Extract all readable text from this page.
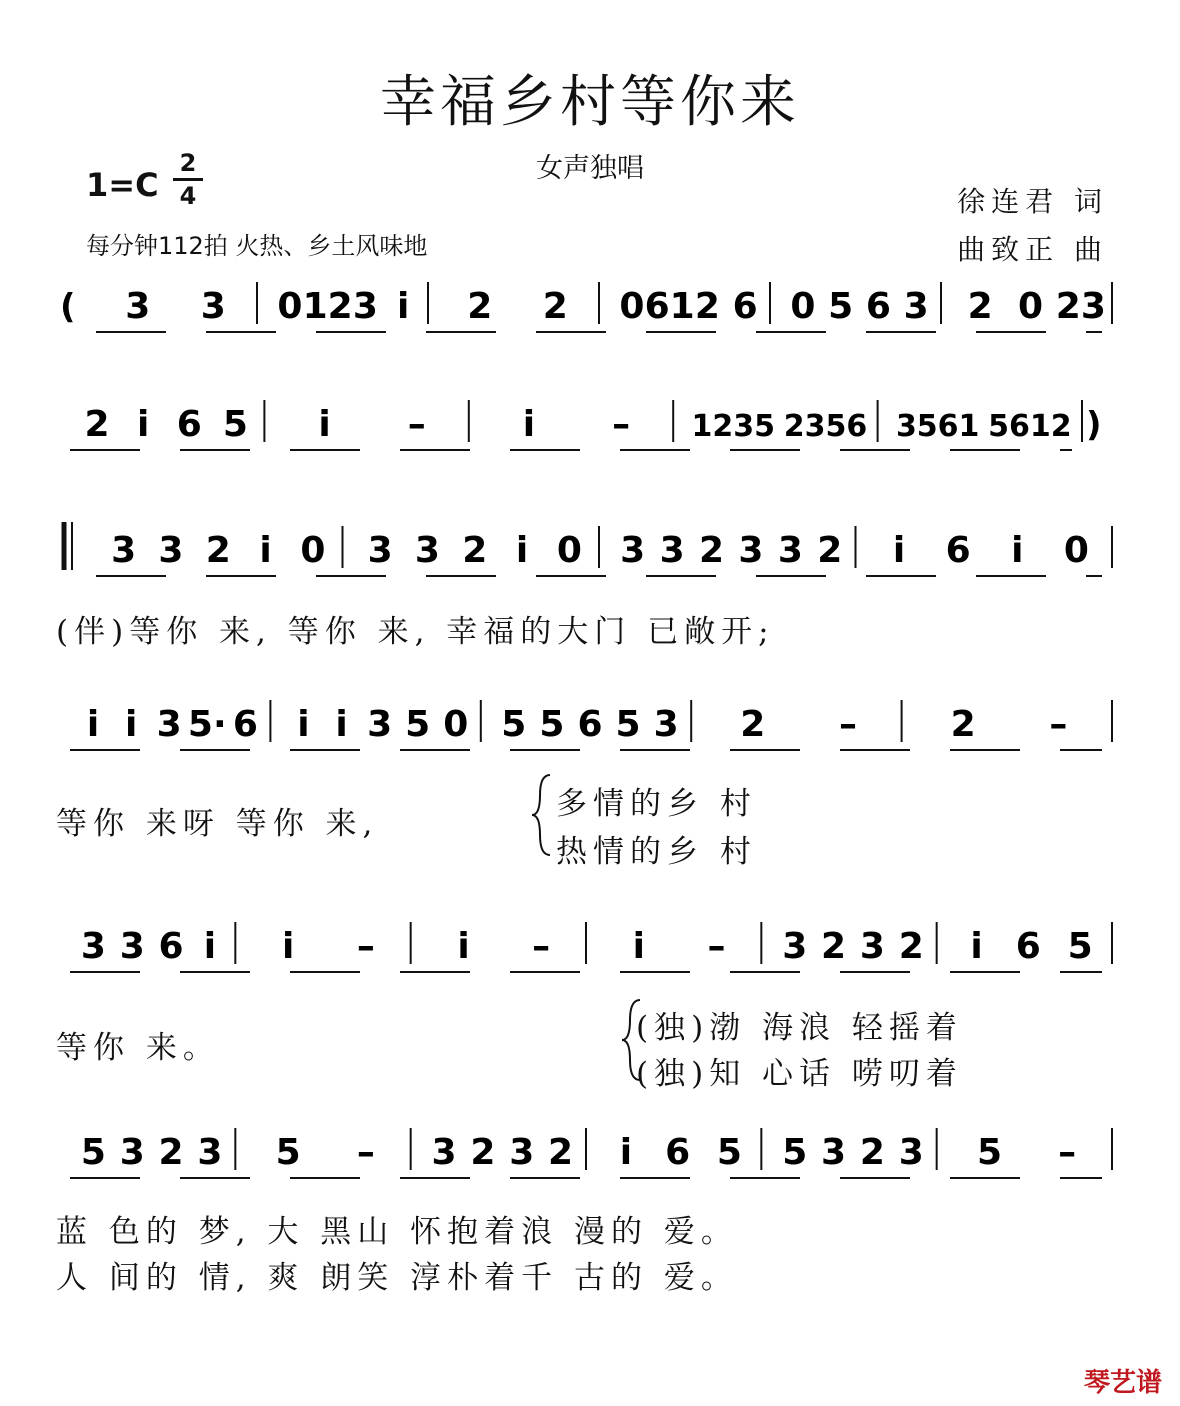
幸福乡村等你来
女声独唱
1=C
2
4
每分钟112拍 火热、乡土风味地
徐连君 词
曲致正 曲
( 3 3 0 12 3 i 2 2 0 61 2 6 0 5 6 3 2 0 23
2 i 6 5 i –	i – 1235 2356 3561 5612 )
3 3 2 i 0 3 3 2 i 0 3 3 2 3 3 2 i 6 i 0
i i 3 5· 6 i i 3 5 0 5 5 6 5 3 2 –	2 –
3 3 6 i i – i – i – 3 2 3 2 i 6 5
5 3 2 3 5 – 3 2 3 2 i 6 5 5 3 2 3 5 –
(伴)等你 来, 等你 来, 幸福的大门 已敞开;
等你 来呀 等你 来,
多情的乡 村
热情的乡 村
等你 来。
(独)渤 海浪 轻摇着
(独)知 心话 唠叨着
蓝 色的 梦, 大 黑山 怀抱着浪 漫的 爱。
人 间的 情, 爽 朗笑 淳朴着千 古的 爱。
琴艺谱
